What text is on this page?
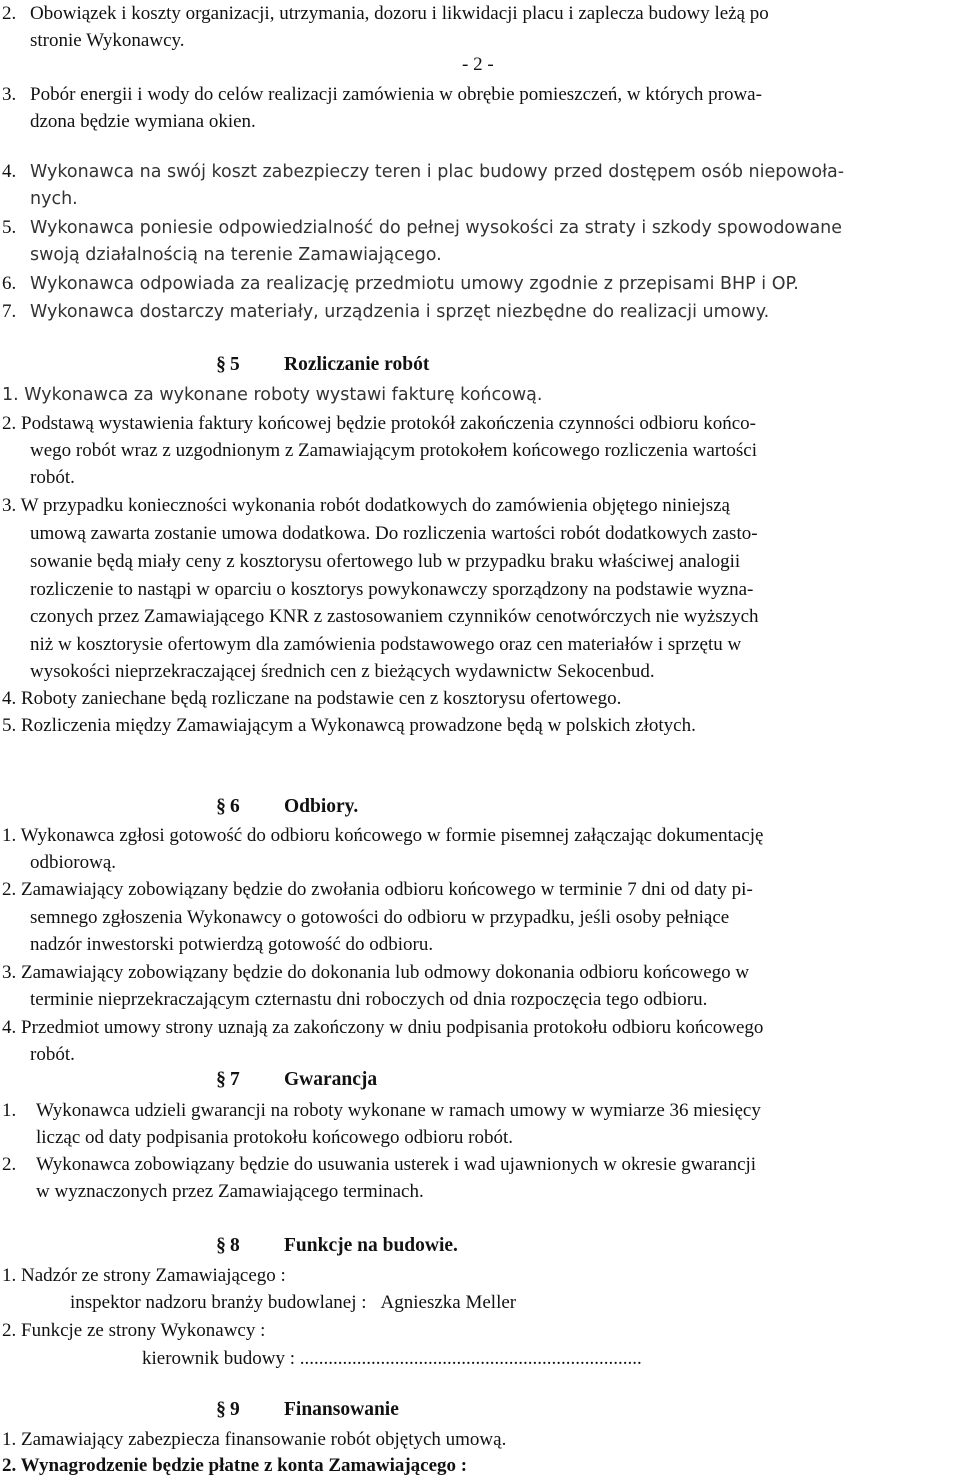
2. Obowiązek i koszty organizacji, utrzymania, dozoru i likwidacji placu i zaplecza budowy leżą po

stronie Wykonawcy.

- 2 -

3. Pobór energii i wody do celów realizacji zamówienia w obrębie pomieszczeń, w których prowa-

dzona będzie wymiana okien.

4. Wykonawca na swój koszt zabezpieczy teren i plac budowy przed dostępem osób niepowoła-

nych.

5. Wykonawca poniesie odpowiedzialność do pełnej wysokości za straty i szkody spowodowane

swoją działalnością na terenie Zamawiającego.

6. Wykonawca odpowiada za realizację przedmiotu umowy zgodnie z przepisami BHP i OP.

7. Wykonawca dostarczy materiały, urządzenia i sprzęt niezbędne do realizacji umowy.

§ 5 Rozliczanie robót

1. Wykonawca za wykonane roboty wystawi fakturę końcową.

2. Podstawą wystawienia faktury końcowej będzie protokół zakończenia czynności odbioru końco-

wego robót wraz z uzgodnionym z Zamawiającym protokołem końcowego rozliczenia wartości

robót.

3. W przypadku konieczności wykonania robót dodatkowych do zamówienia objętego niniejszą

umową zawarta zostanie umowa dodatkowa. Do rozliczenia wartości robót dodatkowych zasto-

sowanie będą miały ceny z kosztorysu ofertowego lub w przypadku braku właściwej analogii

rozliczenie to nastąpi w oparciu o kosztorys powykonawczy sporządzony na podstawie wyzna-

czonych przez Zamawiającego KNR z zastosowaniem czynników cenotwórczych nie wyższych

niż w kosztorysie ofertowym dla zamówienia podstawowego oraz cen materiałów i sprzętu w

wysokości nieprzekraczającej średnich cen z bieżących wydawnictw Sekocenbud.

4. Roboty zaniechane będą rozliczane na podstawie cen z kosztorysu ofertowego.

5. Rozliczenia między Zamawiającym a Wykonawcą prowadzone będą w polskich złotych.

§ 6 Odbiory.

1. Wykonawca zgłosi gotowość do odbioru końcowego w formie pisemnej załączając dokumentację

odbiorową.

2. Zamawiający zobowiązany będzie do zwołania odbioru końcowego w terminie 7 dni od daty pi-

semnego zgłoszenia Wykonawcy o gotowości do odbioru w przypadku, jeśli osoby pełniące

nadzór inwestorski potwierdzą gotowość do odbioru.

3. Zamawiający zobowiązany będzie do dokonania lub odmowy dokonania odbioru końcowego w

terminie nieprzekraczającym czternastu dni roboczych od dnia rozpoczęcia tego odbioru.

4. Przedmiot umowy strony uznają za zakończony w dniu podpisania protokołu odbioru końcowego

robót.

§ 7 Gwarancja

1. Wykonawca udzieli gwarancji na roboty wykonane w ramach umowy w wymiarze 36 miesięcy

licząc od daty podpisania protokołu końcowego odbioru robót.

2. Wykonawca zobowiązany będzie do usuwania usterek i wad ujawnionych w okresie gwarancji

w wyznaczonych przez Zamawiającego terminach.

§ 8 Funkcje na budowie.

1. Nadzór ze strony Zamawiającego :

inspektor nadzoru branży budowlanej : Agnieszka Meller

2. Funkcje ze strony Wykonawcy :

kierownik budowy : ........................................................................

§ 9 Finansowanie

1. Zamawiający zabezpiecza finansowanie robót objętych umową.

2. Wynagrodzenie będzie płatne z konta Zamawiającego :
